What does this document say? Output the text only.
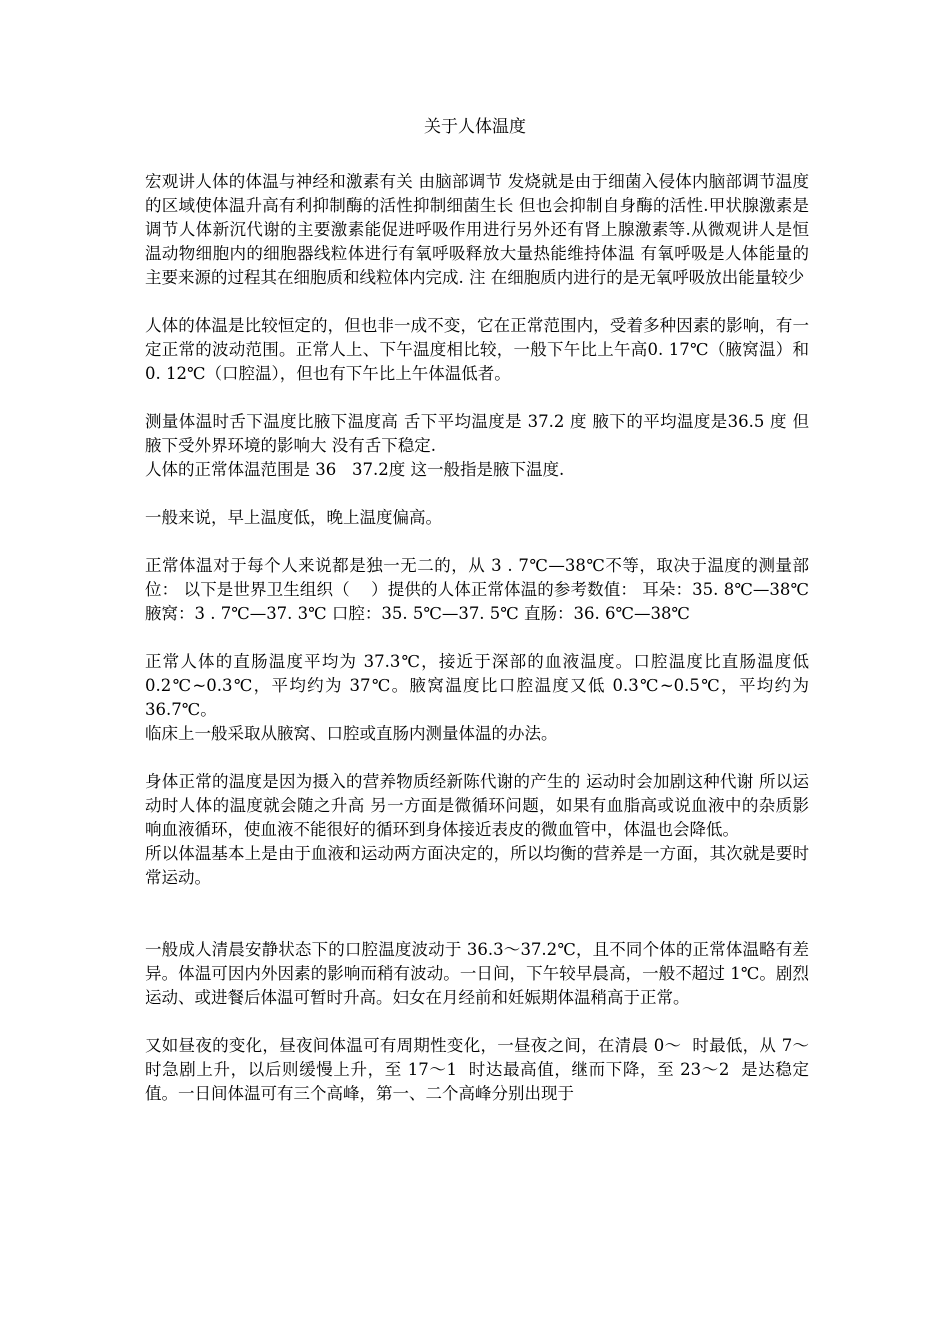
关于人体温度

宏观讲人体的体温与神经和激素有关 由脑部调节 发烧就是由于细菌入侵体内脑部调节温度的区域使体温升高有利抑制酶的活性抑制细菌生长 但也会抑制自身酶的活性.甲状腺激素是调节人体新沉代谢的主要激素能促进呼吸作用进行另外还有肾上腺激素等.从微观讲人是恒温动物细胞内的细胞器线粒体进行有氧呼吸释放大量热能维持体温 有氧呼吸是人体能量的主要来源的过程其在细胞质和线粒体内完成. 注 在细胞质内进行的是无氧呼吸放出能量较少

人体的体温是比较恒定的，但也非一成不变，它在正常范围内，受着多种因素的影响，有一定正常的波动范围。正常人上、下午温度相比较，一般下午比上午高0. 17℃（腋窝温）和 0. 12℃（口腔温），但也有下午比上午体温低者。

测量体温时舌下温度比腋下温度高 舌下平均温度是 37.2 度 腋下的平均温度是36.5 度 但腋下受外界环境的影响大 没有舌下稳定.

人体的正常体温范围是 36   37.2度 这一般指是腋下温度.

一般来说，早上温度低，晚上温度偏高。

正常体温对于每个人来说都是独一无二的，从 3 . 7℃—38℃不等，取决于温度的测量部位： 以下是世界卫生组织（    ）提供的人体正常体温的参考数值： 耳朵：35. 8℃—38℃ 腋窝：3 . 7℃—37. 3℃ 口腔：35. 5℃—37. 5℃ 直肠：36. 6℃—38℃

正常人体的直肠温度平均为 37.3℃，接近于深部的血液温度。口腔温度比直肠温度低 0.2℃~0.3℃，平均约为 37℃。腋窝温度比口腔温度又低 0.3℃~0.5℃，平均约为 36.7℃。

临床上一般采取从腋窝、口腔或直肠内测量体温的办法。

身体正常的温度是因为摄入的营养物质经新陈代谢的产生的 运动时会加剧这种代谢 所以运动时人体的温度就会随之升高 另一方面是微循环问题，如果有血脂高或说血液中的杂质影响血液循环，使血液不能很好的循环到身体接近表皮的微血管中，体温也会降低。

所以体温基本上是由于血液和运动两方面决定的，所以均衡的营养是一方面，其次就是要时常运动。

一般成人清晨安静状态下的口腔温度波动于 36.3～37.2℃，且不同个体的正常体温略有差异。体温可因内外因素的影响而稍有波动。一日间，下午较早晨高，一般不超过 1℃。剧烈运动、或进餐后体温可暂时升高。妇女在月经前和妊娠期体温稍高于正常。

又如昼夜的变化，昼夜间体温可有周期性变化，一昼夜之间，在清晨 0～  时最低，从 7～  时急剧上升，以后则缓慢上升，至 17～1  时达最高值，继而下降，至 23～2  是达稳定值。一日间体温可有三个高峰，第一、二个高峰分别出现于
